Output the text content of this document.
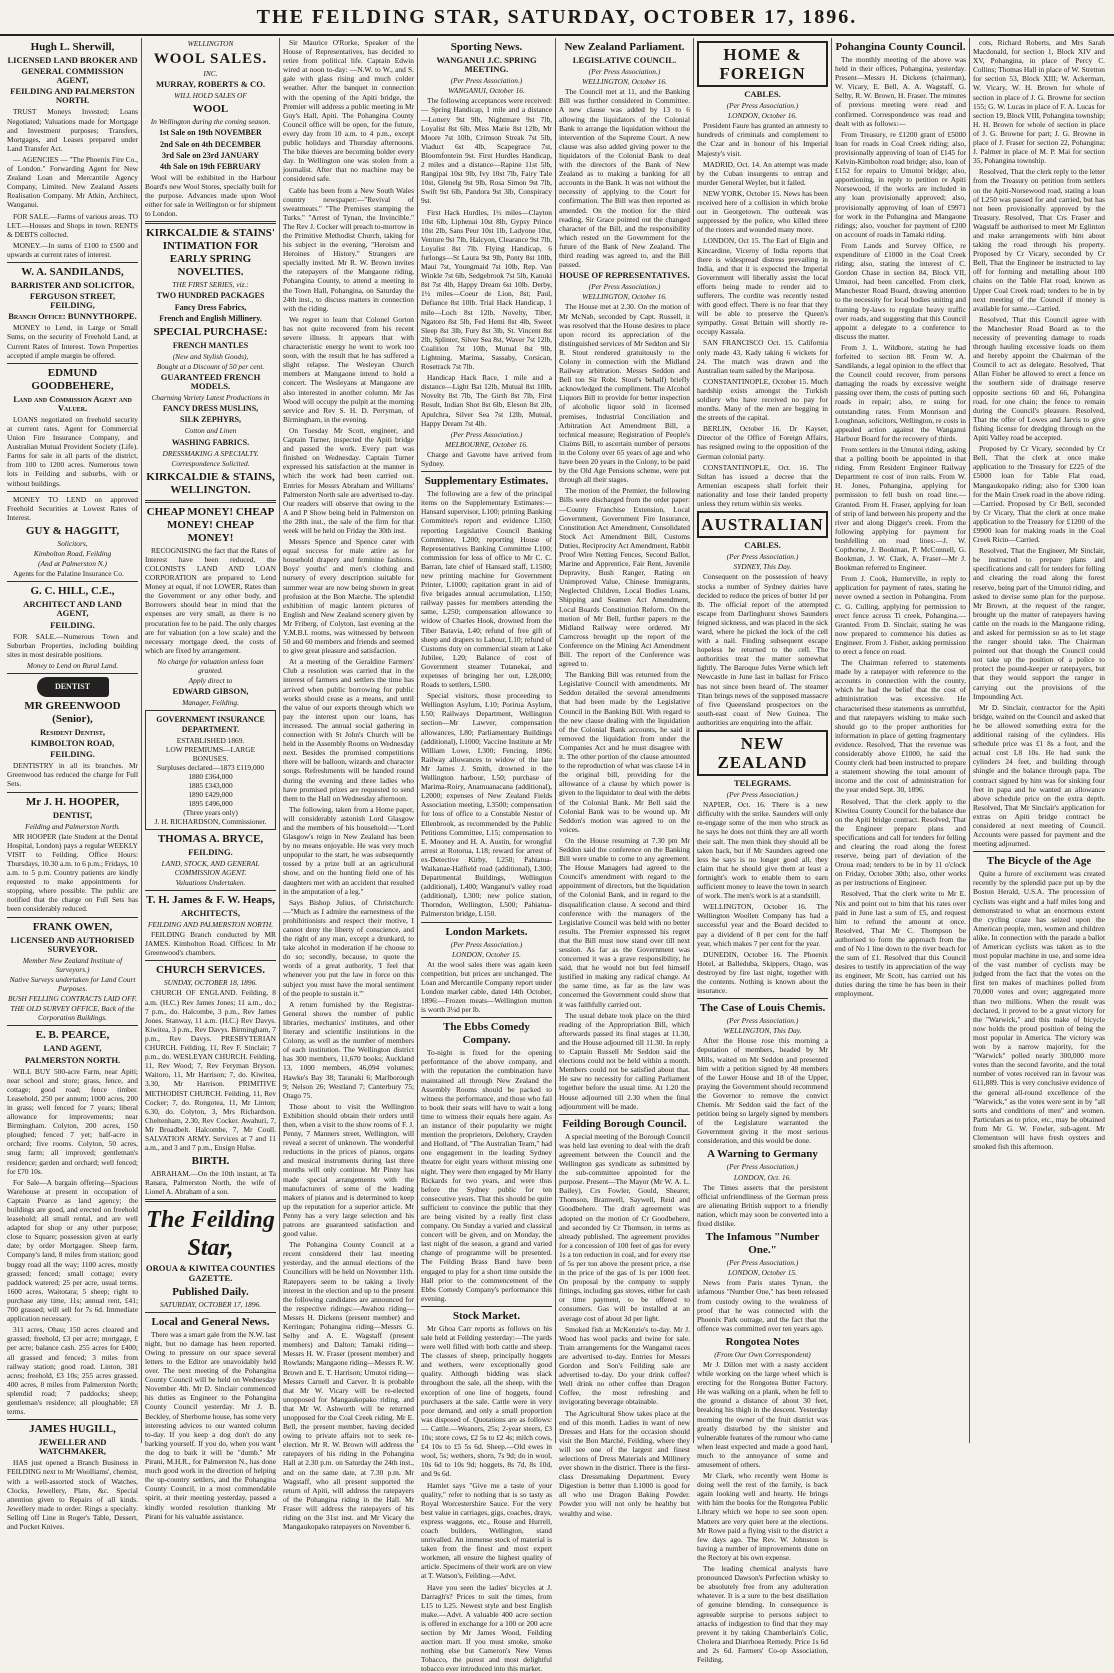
THE FEILDING STAR, SATURDAY, OCTOBER 17, 1896.
Hugh L. Sherwill,
LICENSED LAND BROKER AND
GENERAL COMMISSION AGENT,
FEILDING AND PALMERSTON NORTH.

TRUST Moneys Invested; Loans Negotiated; Valuations made for Mortgage and Investment purposes; Transfers, Mortgages, and Leases prepared under Land Transfer Act.

— AGENCIES — "The Phoenix Fire Co., of London." Forwarding Agent for New Zealand Loan and Mercantile Agency Company, Limited. New Zealand Assets Realisation Company. Mr Atkin, Architect, Wanganui.

FOR SALE.—Farms of various areas. TO LET.—Houses and Shops in town. RENTS & DEBTS collected.

MONEY.—In sums of £100 to £500 and upwards at current rates of interest.

W. A. SANDILANDS,
BARRISTER AND SOLICITOR,
FERGUSON STREET, FEILDING,
Branch Office: BUNNYTHORPE.

MONEY to Lend, in Large or Small Sums, on the security of Freehold Land, at Current Rates of Interest. Town Properties accepted if ample margin be offered.

EDMUND GOODBEHERE,
Land and Commission Agent and Valuer.

LOANS negotiated on freehold security at current rates. Agent for Commercial Union Fire Insurance Company, and Australian Mutual Provident Society (Life). Farms for sale in all parts of the district, from 100 to 1200 acres. Numerous town lots in Feilding and suburbs, with or without buildings.

MONEY TO LEND on approved Freehold Securities at Lowest Rates of Interest.

GUY & HAGGITT,
Solicitors,
Kimbolton Road, Feilding
(And at Palmerston N.)

Agents for the Palatine Insurance Co.

G. C. HILL, C.E.,
ARCHITECT AND LAND AGENT,
FEILDING.

FOR SALE.—Numerous Town and Suburban Properties, including building sites in most desirable positions.

Money to Lend on Rural Land.
DENTIST
MR GREENWOOD (Senior),
Resident Dentist,
KIMBOLTON ROAD,
FEILDING.

DENTISTRY in all its branches. Mr Greenwood has reduced the charge for Full Sets.

Mr J. H. HOOPER,
DENTIST,
Feilding and Palmerston North.

MR HOOPER (late Student at the Dental Hospital, London) pays a regular WEEKLY VISIT to Feilding. Office Hours: Thursdays, 10.30 a.m. to 6 p.m.; Fridays, 10 a.m. to 5 p.m. Country patients are kindly requested to make appointments for stopping, where possible. The public are notified that the charge on Full Sets has been considerably reduced.

FRANK OWEN,
LICENSED AND AUTHORISED SURVEYOR.
Member New Zealand Institute of Surveyors.)
Native Surveys undertaken for Land Court Purposes.
BUSH FELLING CONTRACTS LAID OFF.
THE OLD SURVEY OFFICE, Back of the Corporation Buildings.
E. B. PEARCE,
LAND AGENT,
PALMERSTON NORTH.

WILL BUY 500-acre Farm, near Apiti; near school and store; grass, fence, and cottage; good road; fence timber. Leasehold, 250 per annum; 1000 acres, 200 in grass; well fenced for 7 years; liberal allowance for improvements; near Birmingham. Colyton, 200 acres, 150 ploughed; fenced 7 yet; half-acre in orchard; five rooms. Colyton, 50 acres, snug farm; all improved; gentleman's residence; garden and orchard; well fenced; for £70 10s.

For Sale—A bargain offering—Spacious Warehouse at present in occupation of Captain Pearce as land agency; the buildings are good, and erected on freehold leasehold; all small rental, and are well adapted for shop or any other purpose; close to Square; possession given at early date; by order Mortgagee. Sheep farm, Company's land, 8 miles from station; good buggy road all the way; 1100 acres, mostly grassed; fenced; small cottage; every paddock watered; 25 per acre, usual terms. 1600 acres, Waitotara; 5 sheep; right to purchase any time, 11s; annual rent, £41; 700 grassed; will sell for 7s 6d. Immediate application necessary.

311 acres, Ohau; 150 acres cleared and grassed; freehold, £3 per acre; mortgage, £ per acre; balance cash. 255 acres for £400; all grassed and fenced; 3 miles from railway station; good road. Linton, 381 acres; freehold, £3 10s; 255 acres grassed. 400 acres, 8 miles from Palmerston North; splendid road; 7 paddocks; sheep; gentleman's residence; all ploughable; £8 terms.

JAMES HUGILL,
JEWELLER AND WATCHMAKER,

HAS just opened a Branch Business in FEILDING next to Mr Woolliams', chemist, with a well-assorted stock of Watches, Clocks, Jewellery, Plate, &c. Special attention given to Repairs of all kinds. Jewellery made to order. Rings a specialty. Selling off Line in Roger's Table, Dessert, and Pocket Knives.

WELLINGTON
WOOL SALES.
INC.
MURRAY, ROBERTS & CO.
WILL HOLD SALES OF
WOOL
In Wellington during the coming season.
1st Sale on 19th NOVEMBER
2nd Sale on 4th DECEMBER
3rd Sale on 23rd JANUARY
4th Sale on 19th FEBRUARY

Wool will be exhibited in the Harbour Board's new Wool Stores, specially built for the purpose. Advances made upon Wool either for sale in Wellington or for shipment to London.

KIRKCALDIE & STAINS' INTIMATION FOR EARLY SPRING NOVELTIES.
THE FIRST SERIES, viz.:
TWO HUNDRED PACKAGES
Fancy Dress Fabrics,
French and English Millinery.
SPECIAL PURCHASE:
FRENCH MANTLES
(New and Stylish Goods),
Bought at a Discount of 50 per cent.
GUARANTEED FRENCH MODELS.
Charming Variety Latest Productions in
FANCY DRESS MUSLINS,
SILK ZEPHYRS,
Cotton and Linen
WASHING FABRICS.
DRESSMAKING A SPECIALTY.
Correspondence Solicited.
KIRKCALDIE & STAINS, WELLINGTON.
CHEAP MONEY! CHEAP MONEY! CHEAP MONEY!

RECOGNISING the fact that the Rates of Interest have been reduced, the COLONISTS LAND AND LOAN CORPORATION are prepared to Lend Money at equal, if not LOWER, Rates than the Government or any other body, and Borrowers should bear in mind that the expenses are very small, as there is no procuration fee to be paid. The only charges are for valuation (on a low scale) and the necessary mortgage deed, the costs of which are fixed by arrangement.

No charge for valuation unless loan granted.
Apply direct to
EDWARD GIBSON,
Manager, Feilding.
GOVERNMENT INSURANCE DEPARTMENT.
ESTABLISHED 1869.
LOW PREMIUMS—LARGE BONUSES.
Surpluses declared—1873 £119,000
1880 £364,000
1885 £343,000
1890 £429,000
1895 £496,000
(Three years only)
J. H. RICHARDSON, Commissioner.
THOMAS A. BRYCE,
FEILDING.
LAND, STOCK, AND GENERAL COMMISSION AGENT.
Valuations Undertaken.
T. H. James & F. W. Heaps,
ARCHITECTS,
FEILDING AND PALMERSTON NORTH.

FEILDING Branch conducted by MR JAMES. Kimbolton Road. Offices: In Mr Greenwood's chambers.

CHURCH SERVICES.
SUNDAY, OCTOBER 18, 1896.

CHURCH OF ENGLAND. Feilding, 8 a.m. (H.C.) Rev James Jones; 11 a.m., do.; 7 p.m., do. Halcombe, 3 p.m., Rev James Jones. Stanway, 11 a.m. (H.C.) Rev Davys. Kiwitea, 3 p.m., Rev Davys. Birmingham, 7 p.m., Rev Davys. PRESBYTERIAN CHURCH. Feilding, 11, Rev F. Sinclair; 7 p.m., do. WESLEYAN CHURCH. Feilding, 11, Rev Wood; 7, Rev Feryman Bryson. Waitoro, 11, Mr Harrison; 7, do. Kiwitea, 3.30, Mr Harrison. PRIMITIVE METHODIST CHURCH. Feilding, 11, Rev Cocker; 7, do. Rongotea, 11, Mr Linton; 6.30, do. Colyton, 3, Mrs Richardson. Cheltenham, 2.30, Rev Cocker. Awahuri, 7, Mr Broadbelt. Halcombe, 7, Mr Coull. SALVATION ARMY. Services at 7 and 11 a.m., and 3 and 7 p.m., Ensign Hulse.

BIRTH.

ABRAHAM.—On the 10th instant, at Ta Ranara, Palmerston North, the wife of Lionel A. Abraham of a son.

The Feilding Star,
OROUA & KIWITEA COUNTIES GAZETTE.
Published Daily.
SATURDAY, OCTOBER 17, 1896.
Local and General News.

There was a smart gale from the N.W. last night, but no damage has been reported. Owing to pressure on our space several letters to the Editor are unavoidably held over. The next meeting of the Pohangina County Council will be held on Wednesday November 4th. Mr D. Sinclair commenced his duties as Engineer to the Pohangina County Council yesterday. Mr J. B. Beckley, of Sherborne house, has some very interesting advices to our wanted column to-day. If you keep a dog don't do any barking yourself. If you do, when you want the dog to bark it will be "dumb." Mr Pirani, M.H.R., for Palmerston N., has done much good work in the direction of helping the up-country settlers, and the Pohangina County Council, in a most commendable spirit, at their meeting yesterday, passed a kindly worded resolution thanking Mr Pirani for his valuable assistance.

Sir Maurice O'Rorke, Speaker of the House of Representatives, has decided to retire from political life. Captain Edwin wired at noon to-day: —N.W. to W., and S. gale with glass rising and much colder weather. After the banquet in connection with the opening of the Apiti bridge, the Premier will address a public meeting in Mr Guy's Hall, Apiti. The Pohangina County Council office will be open, for the future, every day from 10 a.m. to 4 p.m., except public holidays and Thursday afternoons. The bike thieves are becoming bolder every day. In Wellington one was stolen from a journalist. After that no machine may be considered safe.

Cable has been from a New South Wales country newspaper:—"Revival of sweatmeats." "The Premises stamping the Turks." "Arrest of Tynan, the Invincible." The Rev J. Cocker will preach to-morrow in the Primitive Methodist Church, taking for his subject in the evening, "Heroism and Heroines of History." Strangers are specially invited. Mr R. W. Brown invites the ratepayers of the Mangaone riding, Pohangina County, to attend a meeting in the Town Hall, Pohangina, on Saturday the 24th inst., to discuss matters in connection with the riding.

We regret to learn that Colonel Gorton has not quite recovered from his recent severe illness. It appears that with characteristic energy he went to work too soon, with the result that he has suffered a slight relapse. The Wesleyan Church members at Mangaone intend to hold a concert. The Wesleyans at Mangaone are also interested in another column. Mr Jas Wood will occupy the pulpit at the morning service and Rev S. H. D. Perryman, of Birmingham, in the evening.

On Tuesday Mr Scott, engineer, and Captain Turner, inspected the Apiti bridge and passed the work. Every part was finished on Wednesday. Captain Turner expressed his satisfaction at the manner in which the work had been carried out. Entries for Messrs Abraham and Williams' Palmerston North sale are advertised to-day. Our readers will observe that owing to the A and P Show being held in Palmerston on the 28th inst., the sale of the firm for that week will be held on Friday the 30th inst.

Messrs Spence and Spence cater with equal success for male attire as for household drapery and feminine fashions. Boys' youths' and men's clothing and nursery of every description suitable for summer wear are now being shown in great profusion at the Bon Marche. The splendid exhibition of magic lantern pictures of English and New Zealand scenery given by Mr Friberg, of Colyton, last evening at the Y.M.B.I. rooms, was witnessed by between 50 and 60 members and friends and seemed to give great pleasure and satisfaction.

At a meeting of the Geraldine Farmers' Club a resolution was carried that in the interest of farmers and settlers the time has arrived when public borrowing for public works should cease as a means, and until the value of our exports through which we pay the interest upon our loans, has increased. The annual social gathering in connection with St John's Church will be held in the Assembly Rooms on Wednesday next. Besides the promised competitions there will be balloon, wizards and character songs. Refreshments will be handed round during the evening and three ladies who have promised prizes are requested to send them to the Hall on Wednesday afternoon.

The following, taken from a Home paper, will considerably astonish Lord Glasgow and the members of his household:—"Lord Glasgow's reign in New Zealand has been by no means enjoyable. He was very much unpopular to the start, he was subsequently tossed by a prize bull at an agricultural show, and on the hunting field one of his daughters met with an accident that resulted in the amputation of a leg."

Says Bishop Julius, of Christchurch:—"Much as I admire the earnestness of the prohibitionists and respect their motive, I cannot deny the liberty of conscience, and the right of any man, except a drunkard, to take alcohol in moderation if he choose to do so; secondly, because, to quote the words of a great authority, 'I feel that whenever you put the law in force on this subject you must have the moral sentiment of the people to sustain it.'"

A return furnished by the Registrar-General shows the number of public libraries, mechanics' institutes, and other literary and scientific institutions in the Colony, as well as the number of members of each institution. The Wellington district has 300 members, 11,670 books; Auckland 13, 1000 members, 46,094 volumes; Hawke's Bay 38; Taranaki 6; Marlborough 9; Nelson 26; Westland 7; Canterbury 75; Otago 75.

Those about to visit the Wellington Exhibition should obtain their orders until then, when a visit to the show rooms of F. J. Penny, 7 Manners street, Wellington, will reveal a secret of unknown. The wonderful reductions in the prices of pianos, organs and musical instruments during last three months will only continue. Mr Pinny has made special arrangements with the manufacturers of some of the leading makers of pianos and is determined to keep up the reputation for a superior article. Mr Penny has a very large selection and his patrons are guaranteed satisfaction and good value.

The Pohangina County Council at a recent considered their last meeting yesterday, and the annual elections of the Councillors will be held on November 11th. Ratepayers seem to be taking a lively interest in the election and up to the present the following candidates are announced for the respective ridings:—Awahou riding—Messrs H. Dickens (present member) and Kerringan; Pohangina riding—Messrs G. Selby and A. E. Wagstaff (present members) and Dalton; Tamaki riding—Messrs H. W. Fraser (present member) and Rowlands; Mangaone riding—Messrs R. W. Brown and E. T. Harrison; Umutoi riding—Messrs Carnell and Carver. It is probable that Mr W. Vicary will be re-elected unopposed for Mangaukopako riding, and that Mr W. Ashworth will be returned unopposed for the Coal Creek riding. Mr E. Bell, the present member, having decided owing to private affairs not to seek re-election. Mr R. W. Brown will address the ratepayers of his riding in the Pohangina Hall at 2.30 p.m. on Saturday the 24th inst., and on the same date, at 7.30 p.m. Mr Wagstaff, who all present supported the return of Apiti, will address the ratepayers of the Pohangina riding in the Hall. Mr Fraser will address the ratepayers of his riding on the 31st inst. and Mr Vicary the Mangaukopako ratepayers on November 6.

Sporting News.
WANGANUI J.C. SPRING MEETING.
(Per Press Association.)
WANGANUI, October 16.

The following acceptances were received:— Spring Handicap, 1 mile and a distance—Lottery 9st 9lb, Nightmare 9st 7lb, Loyalist 8st 6lb, Miss Marie 8st 12lb, Mr Moore 7st 10lb, Crimson Streak 7st 5lb, Viaduct 6st 4lb, Scapegrace 7st, Bloomfontein 9st. First Hurdles Handicap, 2 miles and a distance—Rapine 11st 5lb, Rangipai 10st 9lb, Ivy 10st 7lb, Fairy Tale 10st, Glenelg 9st 9lb, Rosa Simon 9st 7lb, Swift 9st 6lb, Pandora 9st 3lb, Conspiracy 9st.

First Hack Hurdles, 1½ miles—Clayton 10st 6lb, Liphenai 10st 8lb, Gypsy Prince 10st 2lb, Sans Peur 10st 1lb, Ladyone 10st, Venture 9st 7lb, Halcyon, Clearance 9st 7lb, Loyalist 8st 7lb. Flying Handicap, 6 furlongs—St Laura 9st 9lb, Ponty 8st 10lb, Maui 7st, Youngmaid 7st 10lb, Rep. Van Winkle 7st 6lb, Sedgebrook 7st 5lb, Kanuki 8st 7st 4lb, Happy Dream 6st 10lb. Derby, 1½ miles—Coeur de Lion, 8st; Paul, Defiance 8st 10lb. Trial Hack Handicap, 1 mile—Loch 8st 12lb, Novelty, Tiber, Ngatoro 8st 5lb, Fed Hemi 8st 4lb, Sweet Sleep 8st 3lb, Fury 8st 3lb, St. Vincent 8st 2lb, Splinter, Silver Sea 8st, Waver 7st 12lb, Coalition 7st 10lb, Mutual 8st 9lb, Lightning, Marima, Sassaby, Corsican, Rosetrack 7st 7lb.

Handicap Hack Race, 1 mile and a distance—Light Bat 12lb, Mutual 8st 10lb, Novelty 8st 7lb, The Girth 8st 7lb, First Result, Indian Shot 8st 6lb, Eleson 8st 2lb, Apulchra, Silver Sea 7st 12lb, Mutual, Happy Dream 7st 4lb.

(Per Press Association.)
MELBOURNE, October 16.

Charge and Gavotte have arrived from Sydney.

Supplementary Estimates.

The following are a few of the principal items on the Supplementary Estimates:—Hansard supervisor, L100; printing Banking Committee's report and evidence L350; reporting Legislative Council Banking Committee, L200; reporting House of Representatives Banking Committee L100; commission for loss of office to Mr C. C. Barran, late chief of Hansard staff, L1500; new printing machine for Government Printer, L1000; capitation grant in aid of five brigades annual accumulation, L150; railway passes for members attending the same, L250; compensation allowance to widow of Charles Hook, drowned from the Tiber Batavia, L40; refund of free gift of sheep and drapers to Labour, L10; refund of Customs duty on commercial steam at Lake Jubilee, L20; Balance of cost of Government steamer Tutanekai, and expenses of bringing her out, L28,000; Roads to settlers, L500.

Special visitors, those proceeding to Wellington Asylum, L10; Porirua Asylum, L50; Railways Department, Wellington section—Mr Lawver, compensation allowances, L80; Parliamentary Buildings (additional), L1000; Vaccine Institute at Mr William Lowe, L300; Fencing, 1896; Railway allowances to widow of the late Mr James J. Smith, drowned in the Wellington harbour, L50; purchase of Marima-Roiry, Anamuanacana (additional), L2000; expenses of New Zealand Fields Association meeting, L3500; compensation for loss of office to a Constable Nestor of Ellenbrook, as recommended by the Public Petitions Committee, L15; compensation to E. Mooney and H. A. Austin, for wrongful arrest at Rotorua, L18; reward for arrest of ex-Detective Kirby, L250; Pahiatua-Waikanae-Halfield road (additional), L300; Departmental Buildings, Wellington (additional), L400; Wanganui's valley road (additional), L300; new police station, Thorndon, Wellington, L500; Pahiatua-Palmerston bridge, L150.

London Markets.
(Per Press Association.)
LONDON, October 15.

At the wool sales there was again keen competition, but prices are unchanged. The Loan and Mercantile Company report under London market cable, dated 14th October, 1896:—Frozen meats—Wellington mutton is worth 3¼d per lb.

The Ebbs Comedy Company.

To-night is fixed for the opening performance of the above company, and with the reputation the combination have maintained all through New Zealand the Assembly Rooms should be packed to witness the performance, and those who fail to book their seats will have to wait a long time to witness their equals here again. As an instance of their popularity we might mention the proprietors, Delohery, Crayden and Holland, of "The Australian Team," had one engagement in the leading Sydney theatre for eight years without missing one night. They were then engaged by Mr Harry Rickards for two years, and were thus before the Sydney public for ten consecutive years. That this should be quite sufficient to convince the public that they are being visited by a really first class company. On Sunday a varied and classical concert will be given, and on Monday, the last night of the season, a grand and varied change of programme will be presented. The Feilding Brass Band have been engaged to play for a short time outside the Hall prior to the commencement of the Ebbs Comedy Company's performance this evening.

Stock Market.

Mr Ghoa Carr reports as follows on his sale held at Feilding yesterday:—The yards were well filled with both cattle and sheep. The classes of sheep, principally hoggets and wethers, were exceptionally good quality. Although bidding was slack throughout the sale, all the sheep, with the exception of one line of hoggets, found purchasers at the sale. Cattle were in very poor demand, and only a small proportion was disposed of. Quotations are as follows:— Cattle.—Weaners, 25s; 2-year steers, £3 10s; store cows, £2 5s to £2 4s; milch cows, £4 10s to £5 5s 6d. Sheep.—Old ewes in wool, 5s; wethers, shorn, 7s 9d; do in wool, 10s 6d to 10s 9d; hoggets, 8s 7d, 8s 10d, and 9s 6d.

Hamlet says "Give me a taste of your quality," refer to nothing that is so tasty as Royal Worcestershire Sauce. For the very best value in carriages, gigs, coaches, drays, express waggons, etc., Rouse and Hurrell, coach builders, Wellington, stand unrivalled. An immense stock of material is taken from the finest and most expert workmen, all ensure the highest quality of article. Specimens of their work are on view at T. Watson's, Feilding.—Advt.

Have you seen the ladies' bicycles at J. Darragh's? Prices to suit the times, from L15 to L25. Newest style and best English make.—Advt. A valuable 400 acre section is offered in exchange for a 100 or 200 acre section by Mr James Wood, Feilding auction mart. If you must smoke, smoke nothing else but Cameron's New Venus Tobacco, the purest and most delightful tobacco ever introduced into this market.

New Zealand Parliament.
LEGISLATIVE COUNCIL.
(Per Press Association.)
WELLINGTON, October 16.

The Council met at 11, and the Banking Bill was further considered in Committee. A new clause was added by 13 to 6 allowing the liquidators of the Colonial Bank to arrange the liquidation without the intervention of the Supreme Court. A new clause was also added giving power to the liquidators of the Colonial Bank to deal with the directors of the Bank of New Zealand as to making a banking for all accounts in the Bank. It was not without the necessity of applying to the Court for confirmation. The Bill was then reported as amended. On the motion for the third reading, Sir Grace pointed out the changed character of the Bill, and the responsibility which rested on the Government for the future of the Bank of New Zealand. The third reading was agreed to, and the Bill passed.

HOUSE OF REPRESENTATIVES.
(Per Press Association.)
WELLINGTON, October 16.

The House met at 2.30. On the motion of Mr McNab, seconded by Capt. Russell, it was resolved that the House desires to place upon record its appreciation of the distinguished services of Mr Seddon and Sir R. Stout rendered gratuitously to the Colony in connection with the Midland Railway arbitration. Messrs Seddon and Bell ton Sir Robt. Stout's behalf) briefly acknowledged the compliment. The Alcohol Liquors Bill to provide for better inspection of alcoholic liquor sold in licensed premises, Industrial Conciliation and Arbitration Act Amendment Bill, a technical measure; Registration of People's Claims Bill, to ascertain number of persons in the Colony over 65 years of age and who have been 20 years in the Colony, to be paid by the Old Age Pensions scheme, were put through all their stages.

The motion of the Premier, the following Bills were discharged from the order paper:—County Franchise Extension, Local Government, Government Fire Insurance, Constitution Act Amendment, Consolidated Stock Act Amendment Bill, Customs Duties, Reciprocity Act Amendment, Rabbit Proof Wire Netting Fences, Second Ballot, Marine and Apprentice, Fair Rent, Juvenile Depravity, Bush Ranger, Rating on Unimproved Value, Chinese Immigrants, Neglected Children, Local Bodies Loans, Shipping and Seamen Act Amendment, Local Boards Constitution Reform. On the motion of Mr Bell, further papers re the Midland Railway were ordered. Mr Carncross brought up the report of the Conference on the Mining Act Amendment Bill. The report of the Conference was agreed to.

The Banking Bill was returned from the Legislative Council with amendments. Mr Seddon detailed the several amendments that had been made by the Legislative Council in the Banking Bill. With regard to the new clause dealing with the liquidation of the Colonial Bank accounts, he said it removed the liquidation from under the Companies Act and he must disagree with it. The other portion of the clause amounted to the reproduction of what was clause 14 in the original bill, providing for the allowance of a clause by which power is given to the liquidator to deal with the debts of the Colonial Bank. Mr Bell said the Colonial Bank was to be wound up. Mr Seddon's motion was agreed to on the voices.

On the House resuming at 7.30 pm Mr Seddon said the conference on the Banking Bill were unable to come to any agreement. The House Managers had agreed to the Council's amendment with regard to the appointment of directors, but the liquidation of the Colonial Bank, and in regard to the disqualification clause. A second and third conference with the managers of the Legislative Council was held with no better results. The Premier expressed his regret that the Bill must now stand over till next session. As far as the Government was concerned it was a grave responsibility, he said, that he would not but feel himself justified in making any radical change. At the same time, as far as the law was concerned the Government could show that it was faithfully carried out.

The usual debate took place on the third reading of the Appropriation Bill, which afterwards passed its final stages at 11.30, and the House adjourned till 11.30. In reply to Captain Russell Mr Seddon said the elections could not be held within a month. Members could not be satisfied about that. He saw no necessity for calling Parliament together before the usual time. At 1.20 the House adjourned till 2.30 when the final adjournment will be made.

Feilding Borough Council.

A special meeting of the Borough Council was held last evening to deal with the draft agreement between the Council and the Wellington gas syndicate as submitted by the sub-committee appointed for the purpose. Present—The Mayor (Mr W. A. L. Bailey), Crs Fowler, Gould, Shearer, Thomson, Bramwell, Saywell, Reid and Goodbehere. The draft agreement was adopted on the motion of Cr Goodbehere, and seconded by Cr Thomson, in terms as already published. The agreement provides for a concession of 100 feet of gas for every 1s a ton reduction in coal, and for every rise of 5s per ton above the present price, a rise in the price of the gas of 1s per 1000 feet. On proposal by the company to supply fittings, including gas stoves, either for cash or time payment, to be offered to consumers. Gas will be installed at an average cost of about 3d per light.

Smoked fish at McKenzie's to-day. Mr J. Wood has wool packs and twine for sale. Train arrangements for the Wanganui races are advertised to-day. Entries for Messrs Gordon and Son's Feilding sale are advertised to-day. Do your drink coffee? Well drink no other coffee than Dragon Coffee, the most refreshing and invigorating beverage obtainable.

The Agricultural Show takes place at the end of this month. Ladies in want of new Dresses and Hats for the occasion should visit the Bon Marché, Feilding, where they will see one of the largest and finest selections of Dress Materials and Millinery ever shown in the district. There is the first-class Dressmaking Department. Every Digestion is better than L1000 is good for all who use Dragon Baking Powder. Powder you will not only be healthy but wealthy and wise.

HOME & FOREIGN
CABLES.
(Per Press Association.)
LONDON, October 16.

President Faure has granted an amnesty to hundreds of criminals and complement to the Czar and in honour of his Imperial Majesty's visit.

MADRID, Oct. 14. An attempt was made by the Cuban insurgents to entrap and murder General Weyler, but it failed.

NEW YORK, October 15. News has been received here of a collision in which broke out in Georgetown. The outbreak was suppressed by the police, who killed three of the rioters and wounded many more.

LONDON, Oct 15. The Earl of Elgin and Kincardine, Viceroy of India reports that there is widespread distress prevailing in India, and that it is expected the Imperial Government will liberally assist the local efforts being made to render aid to sufferers. The cordite was recently tested with good effect. There is no fear that they will be able to preserve the Queen's sympathy. Great Britain will shortly re-occupy Kassala.

SAN FRANCISCO Oct. 15. California only made 43, Kady taking 6 wickets for 24. The match was drawn and the Australian team sailed by the Mariposa.

CONSTANTINOPLE, October 15. Much hardship exists amongst the Turkish soldiery who have received no pay for months. Many of the men are begging in the streets of the capital.

BERLIN, October 16. Dr Kayser, Director of the Office of Foreign Affairs, has resigned owing to the opposition of the German colonial party.

CONSTANTINOPLE, Oct. 16. The Sultan has issued a decree that the Armenian escapees shall forfeit their nationality and lose their landed property unless they return within six weeks.

AUSTRALIAN
CABLES.
(Per Press Association.)
SYDNEY, This Day.

Consequent on the possession of heavy stocks a number of Sydney dairies have decided to reduce the prices of butter 1d per lb. The official report of the attempted escape from Darlinghurst shows Saunders feigned sickness, and was placed in the sick ward, where he picked the lock of the cell with a nail. Finding subsequent escape hopeless he returned to the cell. The authorities treat the matter somewhat lightly. The Baroque Jules Verne which left Newcastle in June last in ballast for Frisco has not since been heard of. The steamer Titan brings news of the supposed massacre of five Queensland prospectors on the south-east coast of New Guinea. The authorities are enquiring into the affair.

NEW ZEALAND
TELEGRAMS.
(Per Press Association.)

NAPIER, Oct. 16. There is a new difficulty with the strike. Saunders will only re-engage some of the men who struck as he says he does not think they are all worth their salt. The men think they should all be taken back, but if Mr Saunders agreed one less he says is no longer good all, they claim that he should give them at least a fortnight's work to enable them to earn sufficient money to leave the town in search of work. The men's work is at a standstill.

WELLINGTON, October 16. The Wellington Woollen Company has had a successful year and the Board decided to pay a dividend of 8 per cent for the half year, which makes 7 per cent for the year.

DUNEDIN, October 16. The Phoenix Hotel, at Balleduba, Skippers, Otago, was destroyed by fire last night, together with the contents. Nothing is known about the insurance.

The Case of Louis Chemis.
(Per Press Association.)
WELLINGTON, This Day.

After the House rose this morning a deputation of members, headed by Mr Mills, waited on Mr Seddon and presented him with a petition signed by 48 members of the Lower House and 18 of the Upper, praying the Government should recommend the Governor to remove the convict Chemis. Mr Seddon said the fact of the petition being so largely signed by members of the Legislature warranted the Government giving it the most serious consideration, and this would be done.

A Warning to Germany
(Per Press Association.)
LONDON, Oct. 16.

The Times asserts that the persistent official unfriendliness of the German press are alienating British support to a friendly nation, which may soon be converted into a fixed dislike.

The Infamous "Number One."
(Per Press Association.)
LONDON, October 15.

News from Paris states Tynan, the infamous "Number One," has been released from custody owing to the weakness of proof that he was connected with the Phoenix Park outrage, and the fact that the offence was committed over ten years ago.

Rongotea Notes
(From Our Own Correspondent)

Mr J. Dillon met with a nasty accident while working on the large wheel which is erecting for the Rongotea Butter Factory. He was walking on a plank, when he fell to the ground a distance of about 30 feet, breaking his thigh in the descent. Yesterday morning the owner of the fruit district was greatly disturbed by the sinister and vulnerable features of the rumour who came when least expected and made a good haul, much to the annoyance of some and amusement of others.

Mr Clark, who recently went Home is doing well the rest of the family, is back again looking well and hearty. He brings with him the books for the Rongotea Public Library which we hope to see soon open. Matters are very quiet here at the elections. Mr Rowe paid a flying visit to the district a few days ago. The Rev. W. Johnston is having a number of improvements done on the Rectory at his own expense.

The leading chemical analysts have pronounced Dawson's Perfection whisky to be absolutely free from any adulteration whatever. It is a sure to the best distillation of genuine blending. In consequence is agreeable surprise to persons subject to attacks of indigestion to find that they may prevent it by taking Chamberlain's Colic, Cholera and Diarrhoea Remedy. Price 1s 6d and 2s 6d. Farmers' Co-op Association, Feilding.

Pohangina County Council.

The monthly meeting of the above was held in their offices, Pohangina, yesterday. Present—Messrs H. Dickens (chairman), W. Vicary, E. Bell, A. A. Wagstaff, G. Selby, R. W. Brown, H. Fraser. The minutes of previous meeting were read and confirmed. Correspondence was read and dealt with as follows:—

From Treasury, re £1200 grant of £5000 loan for roads in Coal Creek riding; also, provisionally approving of loan of £145 for Kelvin-Kimbolton road bridge; also, loan of £152 for repairs to Umutoi bridge; also, apportioning, in reply to petition re Apiti Norsewood, if the works are included in any loan provisionally approved; also, provisionally approving of loan of £9971 for work in the Pohangina and Mangaone ridings; also, voucher for payment of £200 on account of roads in Tamaki riding.

From Lands and Survey Office, re expenditure of £1000 in the Coal Creek riding; also, stating the interest of C. Gordon Chase in section 84, Block VII, Umutoi, had been cancelled. From clerk, Manchester Road Board, drawing attention to the necessity for local bodies uniting and framing by-laws to regulate heavy traffic over roads, and suggesting that this Council appoint a delegate to a conference to discuss the matter.

From J. L. Wildbore, stating he had forfeited to section 88. From W. A. Sandilands, a legal opinion to the effect that the Council could recover, from persons damaging the roads by excessive weight passing over them, the costs of putting such roads in repair; also, re suing for outstanding rates. From Monrison and Loughnan, solicitors, Wellington, re costs in appealed action against the Wanganui Harbour Board for the recovery of thirds.

From settlers in the Umutoi riding, asking that a polling booth be appointed in that riding. From Resident Engineer Railway Department re cost of iron rails. From W. H. Jones, Pohangina, applying for permission to fell bush on road line.—Granted. From H. Fraser, applying for loan of strip of land between his property and the river and along Digger's creek. From the following applying for payment for bushfelling on road lines:—J. W. Copthorne, J. Bookman, P. McConnell, G. Bookman, J. W. Clark, A. Fraser—Mr J. Bookman referred to Engineer.

From J. Cook, Hunterville, in reply to application for payment of rates, stating he never owned a section in Pohangina. From C. G. Culling, applying for permission to erect fence across Ti creek, Pohangina.—Granted. From D. Sinclair, stating he was now prepared to commence his duties as Engineer. From J. Fisher, asking permission to erect a fence on road.

The Chairman referred to statements made by a ratepayer with reference to the accounts in connection with the county, which he had the belief that the cost of administration was excessive. He characterised these statements as untruthful, and that ratepayers wishing to make such should go to the proper authorities for information in place of getting fragmentary evidence. Resolved, That the revenue was considerably above £1000, he said the County clerk had been instructed to prepare a statement showing the total amount of income and the cost of administration for the year ended Sept. 30, 1896.

Resolved, That the clerk apply to the Kiwitea County Council for the balance due on the Apiti bridge contract. Resolved, That the Engineer prepare plans and specifications and call for tenders for felling and clearing the road along the forest reserve, being part of deviation of the Oroua road; tenders to be in by 11 o'clock on Friday, October 30th; also, other works as per instructions of Engineer.

Resolved, That the clerk write to Mr E. Nix and point out to him that his rates over paid in June last a sum of £5, and request him to refund the amount at once. Resolved, That Mr C. Thompson be authorised to form the approach from the end of No 1 line down to the river beach for the sum of £1. Resolved that this Council desires to testify its appreciation of the way its engineer, Mr Scott, has carried out his duties during the time he has been in their employment.

cots, Richard Roberts, and Mrs Sarah Macdonald, for section 1, Block XIV and XV, Pohangina, in place of Percy C. Collins; Thomas Hall in place of W. Stretton for section 53, Block XIII; W. Ackerman, W. Vicary, W. H. Brown for whole of section in place of J. G. Browne for section 155; G. W. Lucas in place of F. A. Lucas for section 19, Block VIII, Pohangina township; H. H. Brown for whole of section in place of J. G. Browne for part; J. G. Browne in place of J. Fraser for section 22, Pohangina; J. Palmer in place of M. P. Mai for section 35, Pohangina township.

Resolved, That the clerk reply to the letter from the Treasury on petition from settlers on the Apiti-Norsewood road, stating a loan of L250 was passed for and carried, but has not been provisionally approved by the Treasury. Resolved, That Crs Fraser and Wagstaff be authorised to meet Mr Eglinton and make arrangements with him about taking the road through his property. Proposed by Cr Vicary, seconded by Cr Bell, That the Engineer be instructed to lay off for forming and metalling about 100 chains on the Table Flat road, known as Upper Coal Creek road; tenders to be in by next meeting of the Council if money is available for same.—Carried.

Resolved, That this Council agree with the Manchester Road Board as to the necessity of preventing damage to roads through hauling excessive loads on them and hereby appoint the Chairman of the Council to act as delegate. Resolved, That Allan Fisher be allowed to erect a fence on the southern side of drainage reserve opposite sections 60 and 66, Pohangina road, for one chain; the fence to remain during the Council's pleasure. Resolved, That the offer of Lowes and Jarvis to give fishing license for dredging through on the Apiti Valley road be accepted.

Proposed by Cr Vicary, seconded by Cr Bell, That the clerk at once make application to the Treasury for £225 of the £5000 loan for Table Flat road, Mangaukopako riding; also for £300 loan for the Main Creek road in the above riding.—Carried. Proposed by Cr Bell, seconded by Cr Vicary, That the clerk at once make application to the Treasury for £1200 of the £9900 loan for making roads in the Coal Creek Ricin—Carried.

Resolved, That the Engineer, Mr Sinclair, be instructed to prepare plans and specifications and call for tenders for felling and clearing the road along the forest reserve, being part of the Umutoi riding, and asked to devise some plan for the purpose. Mr Brown, at the request of the ranger, brought up the matter of ratepayers having cattle on the roads in the Mangaone riding, and asked for permission so as to let stage the ranger should take. The Chairman pointed out that though the Council could not take up the position of a police to protect the pound-keeper or ratepayers, but that they would support the ranger in carrying out the provisions of the Impounding Act.

Mr D. Sinclair, contractor for the Apiti bridge, waited on the Council and asked that he be allowed something extra for the additional raising of the cylinders. His schedule price was £1 8s a foot, and the actual cost L8 10s. He had sunk the cylinders 24 feet, and building through shingle and the balance through papa. The contract signed by him was for sinking four feet in papa and he wanted an allowance above schedule price on the extra depth. Resolved, That Mr Sinclair's application for extras on Apiti bridge contract be considered at next meeting of Council. Accounts were passed for payment and the meeting adjourned.

The Bicycle of the Age

Quite a furore of excitement was created recently by the splendid pace put up by the Boston Herald, U.S.A. The procession of cyclists was eight and a half miles long and demonstrated to what an enormous extent the cycling craze has seized upon the American people, men, women and children alike. In connection with the parade a ballot of American cyclists was taken as to the most popular machine in use, and some idea of the vast number of cyclists may be judged from the fact that the votes on the first ten makes of machines polled from 70,000 votes and over; aggregated more than two millions. When the result was declared, it proved to be a great victory for the "Warwick," and this make of bicycle now holds the proud position of being the most popular in America. The victory was won by a narrow majority, for the "Warwick" polled nearly 300,000 more votes than the second favorite, and the total number of votes received ran in favour was 611,889. This is very conclusive evidence of the general all-round excellence of the "Warwick," as the votes were sent in by "all sorts and conditions of men" and women. Particulars as to price, etc., may be obtained from Mr G. W. Fowler, sub-agent. Mr Clementson will have fresh oysters and smoked fish this afternoon.
